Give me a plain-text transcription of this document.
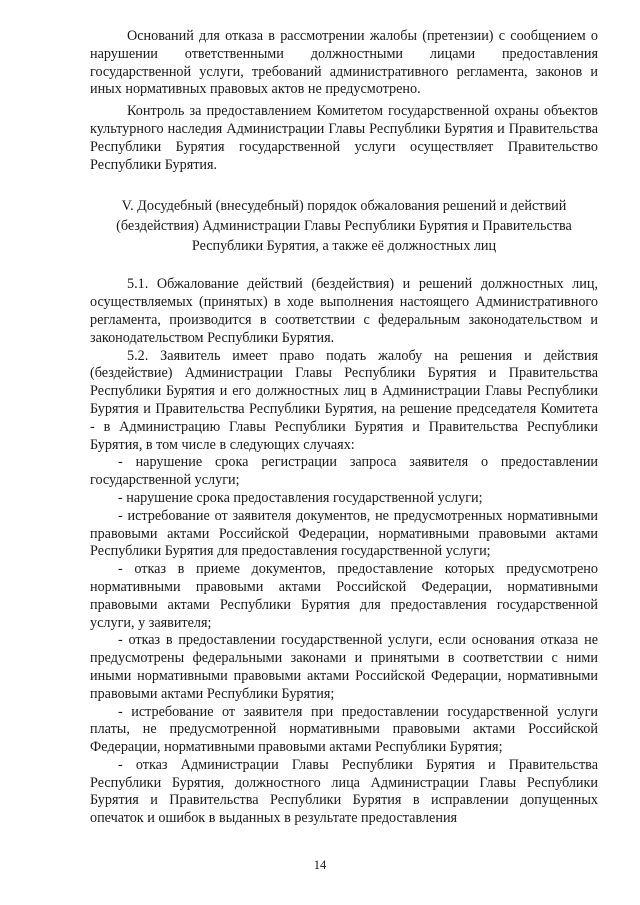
Оснований для отказа в рассмотрении жалобы (претензии) с сообщением о нарушении ответственными должностными лицами предоставления государственной услуги, требований административного регламента, законов и иных нормативных правовых актов не предусмотрено.

Контроль за предоставлением Комитетом государственной охраны объектов культурного наследия Администрации Главы Республики Бурятия и Правительства Республики Бурятия государственной услуги осуществляет Правительство Республики Бурятия.

V. Досудебный (внесудебный) порядок обжалования решений и действий (бездействия) Администрации Главы Республики Бурятия и Правительства Республики Бурятия, а также её должностных лиц

5.1. Обжалование действий (бездействия) и решений должностных лиц, осуществляемых (принятых) в ходе выполнения настоящего Административного регламента, производится в соответствии с федеральным законодательством и законодательством Республики Бурятия.

5.2. Заявитель имеет право подать жалобу на решения и действия (бездействие) Администрации Главы Республики Бурятия и Правительства Республики Бурятия и его должностных лиц в Администрации Главы Республики Бурятия и Правительства Республики Бурятия, на решение председателя Комитета - в Администрацию Главы Республики Бурятия и Правительства Республики Бурятия, в том числе в следующих случаях:

- нарушение срока регистрации запроса заявителя о предоставлении государственной услуги;

- нарушение срока предоставления государственной услуги;

- истребование от заявителя документов, не предусмотренных нормативными правовыми актами Российской Федерации, нормативными правовыми актами Республики Бурятия для предоставления государственной услуги;

- отказ в приеме документов, предоставление которых предусмотрено нормативными правовыми актами Российской Федерации, нормативными правовыми актами Республики Бурятия для предоставления государственной услуги, у заявителя;

- отказ в предоставлении государственной услуги, если основания отказа не предусмотрены федеральными законами и принятыми в соответствии с ними иными нормативными правовыми актами Российской Федерации, нормативными правовыми актами Республики Бурятия;

- истребование от заявителя при предоставлении государственной услуги платы, не предусмотренной нормативными правовыми актами Российской Федерации, нормативными правовыми актами Республики Бурятия;

- отказ Администрации Главы Республики Бурятия и Правительства Республики Бурятия, должностного лица Администрации Главы Республики Бурятия и Правительства Республики Бурятия в исправлении допущенных опечаток и ошибок в выданных в результате предоставления

14
